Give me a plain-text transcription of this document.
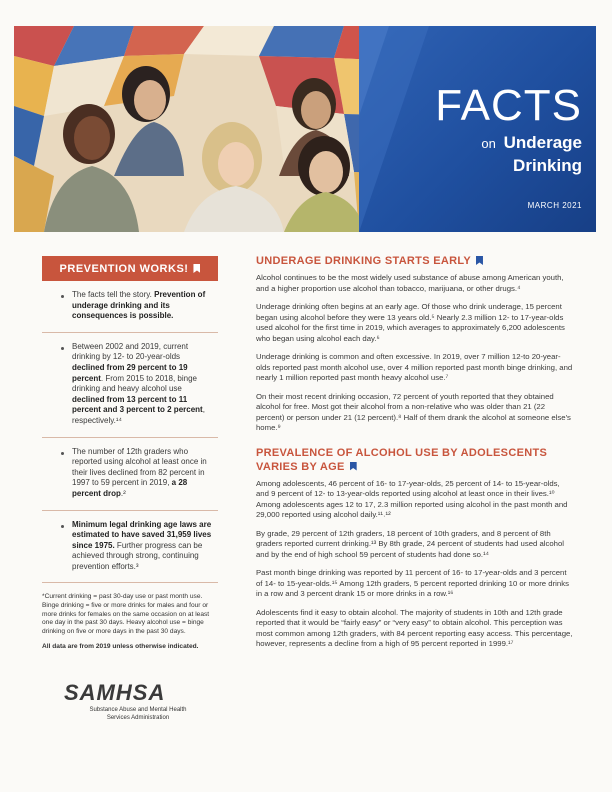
FACTS
on Underage
Drinking
MARCH 2021
PREVENTION WORKS!
The facts tell the story. Prevention of underage drinking and its consequences is possible.
Between 2002 and 2019, current drinking by 12- to 20-year-olds declined from 29 percent to 19 percent. From 2015 to 2018, binge drinking and heavy alcohol use declined from 13 percent to 11 percent and 3 percent to 2 percent, respectively.¹⁴
The number of 12th graders who reported using alcohol at least once in their lives declined from 82 percent in 1997 to 59 percent in 2019, a 28 percent drop.²
Minimum legal drinking age laws are estimated to have saved 31,959 lives since 1975. Further progress can be achieved through strong, continuing prevention efforts.³

*Current drinking = past 30-day use or past month use. Binge drinking = five or more drinks for males and four or more drinks for females on the same occasion on at least one day in the past 30 days. Heavy alcohol use = binge drinking on five or more days in the past 30 days.

All data are from 2019 unless otherwise indicated.

SAMHSA
Substance Abuse and Mental Health
Services Administration
UNDERAGE DRINKING STARTS EARLY

Alcohol continues to be the most widely used substance of abuse among American youth, and a higher proportion use alcohol than tobacco, marijuana, or other drugs.⁴

Underage drinking often begins at an early age. Of those who drink underage, 15 percent began using alcohol before they were 13 years old.⁵ Nearly 2.3 million 12- to 17-year-olds used alcohol for the first time in 2019, which averages to approximately 6,200 adolescents who began using alcohol each day.⁶

Underage drinking is common and often excessive. In 2019, over 7 million 12-to 20-year-olds reported past month alcohol use, over 4 million reported past month binge drinking, and nearly 1 million reported past month heavy alcohol use.⁷

On their most recent drinking occasion, 72 percent of youth reported that they obtained alcohol for free. Most got their alcohol from a non-relative who was older than 21 (22 percent) or person under 21 (12 percent).⁸ Half of them drank the alcohol at someone else's home.⁹

PREVALENCE OF ALCOHOL USE BY ADOLESCENTS
VARIES BY AGE

Among adolescents, 46 percent of 16- to 17-year-olds, 25 percent of 14- to 15-year-olds, and 9 percent of 12- to 13-year-olds reported using alcohol at least once in their lives.¹⁰ Among adolescents ages 12 to 17, 2.3 million reported using alcohol in the past month and 29,000 reported using alcohol daily.¹¹˒¹²

By grade, 29 percent of 12th graders, 18 percent of 10th graders, and 8 percent of 8th graders reported current drinking.¹³ By 8th grade, 24 percent of students had used alcohol and by the end of high school 59 percent of students had done so.¹⁴

Past month binge drinking was reported by 11 percent of 16- to 17-year-olds and 3 percent of 14- to 15-year-olds.¹⁵ Among 12th graders, 5 percent reported drinking 10 or more drinks in a row and 3 percent drank 15 or more drinks in a row.¹⁶

Adolescents find it easy to obtain alcohol. The majority of students in 10th and 12th grade reported that it would be “fairly easy” or “very easy” to obtain alcohol. This perception was most common among 12th graders, with 84 percent reporting easy access. This percentage, however, represents a decline from a high of 95 percent reported in 1999.¹⁷
